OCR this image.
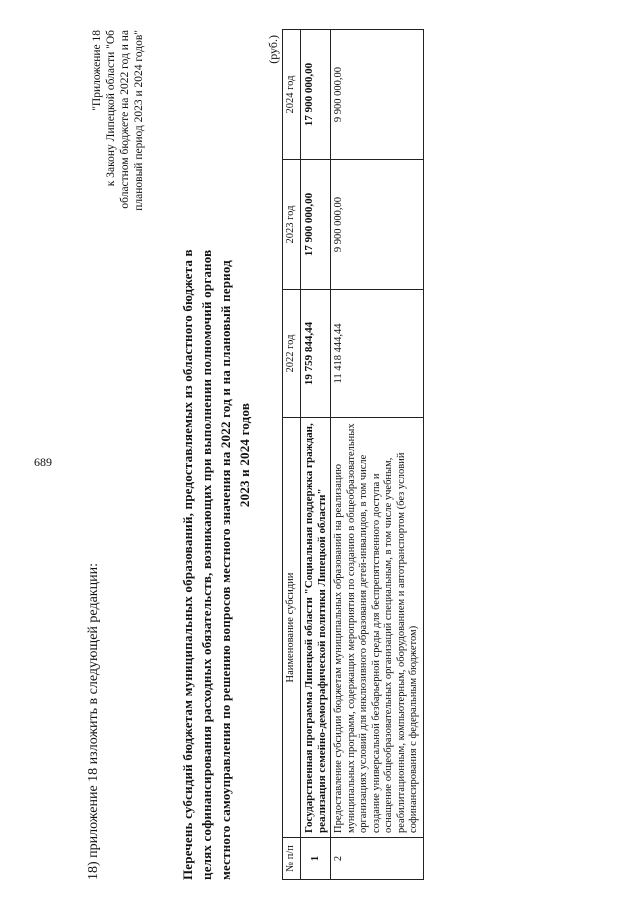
689
"Приложение 18 к Закону Липецкой области "Об областном бюджете на 2022 год и на плановый период 2023 и 2024 годов"
18) приложение 18 изложить в следующей редакции:	Перечень субсидий бюджетам муниципальных образований, предоставляемых из областного бюджета в целях софинансирования расходных обязательств, возникающих при выполнении полномочий органов местного самоуправления по решению вопросов местного значения на 2022 год и на плановый период 2023 и 2024 годов
(руб.)
№ п/п	Наименование субсидии	2022 год	2023 год	2024 год
1	Государственная программа Липецкой области "Социальная поддержка граждан, реализация семейно-демографической политики Липецкой области"	19 759 844,44	17 900 000,00	17 900 000,00
2	Предоставление субсидии бюджетам муниципальных образований на реализацию муниципальных программ, содержащих мероприятия по созданию в общеобразовательных организациях условий для инклюзивного образования детей-инвалидов, в том числе создание универсальной безбарьерной среды для беспрепятственного доступа и оснащение общеобразовательных организаций специальным, в том числе учебным, реабилитационным, компьютерным, оборудованием и автотранспортом (без условий софинансирования с федеральным бюджетом)	11 418 444,44	9 900 000,00	9 900 000,00
